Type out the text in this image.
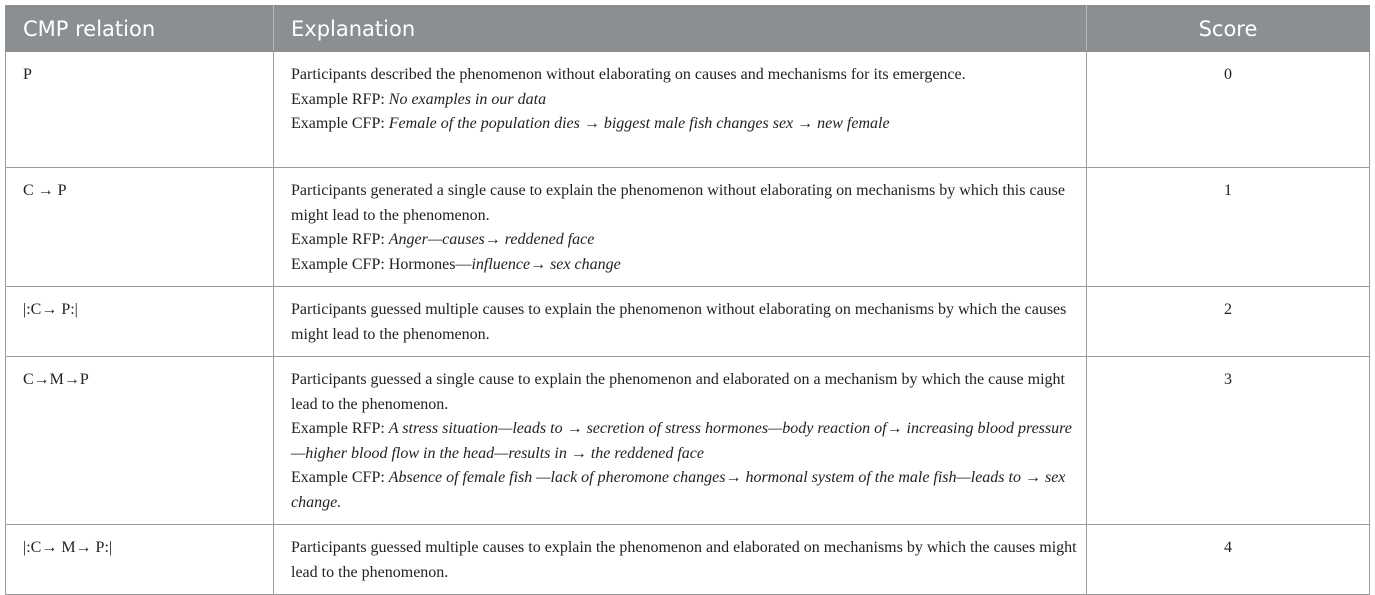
CMP relation	Explanation	Score
P	Participants described the phenomenon without elaborating on causes and mechanisms for its emergence.
Example RFP: No examples in our data
Example CFP: Female of the population dies → biggest male fish changes sex → new female	0
C → P	Participants generated a single cause to explain the phenomenon without elaborating on mechanisms by which this cause might lead to the phenomenon.
Example RFP: Anger—causes→ reddened face
Example CFP: Hormones—influence→ sex change	1
|:C→ P:|	Participants guessed multiple causes to explain the phenomenon without elaborating on mechanisms by which the causes might lead to the phenomenon.	2
C→M→P	Participants guessed a single cause to explain the phenomenon and elaborated on a mechanism by which the cause might lead to the phenomenon.
Example RFP: A stress situation—leads to → secretion of stress hormones—body reaction of→ increasing blood pressure—higher blood flow in the head—results in → the reddened face
Example CFP: Absence of female fish —lack of pheromone changes→ hormonal system of the male fish—leads to → sex change.	3
|:C→ M→ P:|	Participants guessed multiple causes to explain the phenomenon and elaborated on mechanisms by which the causes might lead to the phenomenon.	4
